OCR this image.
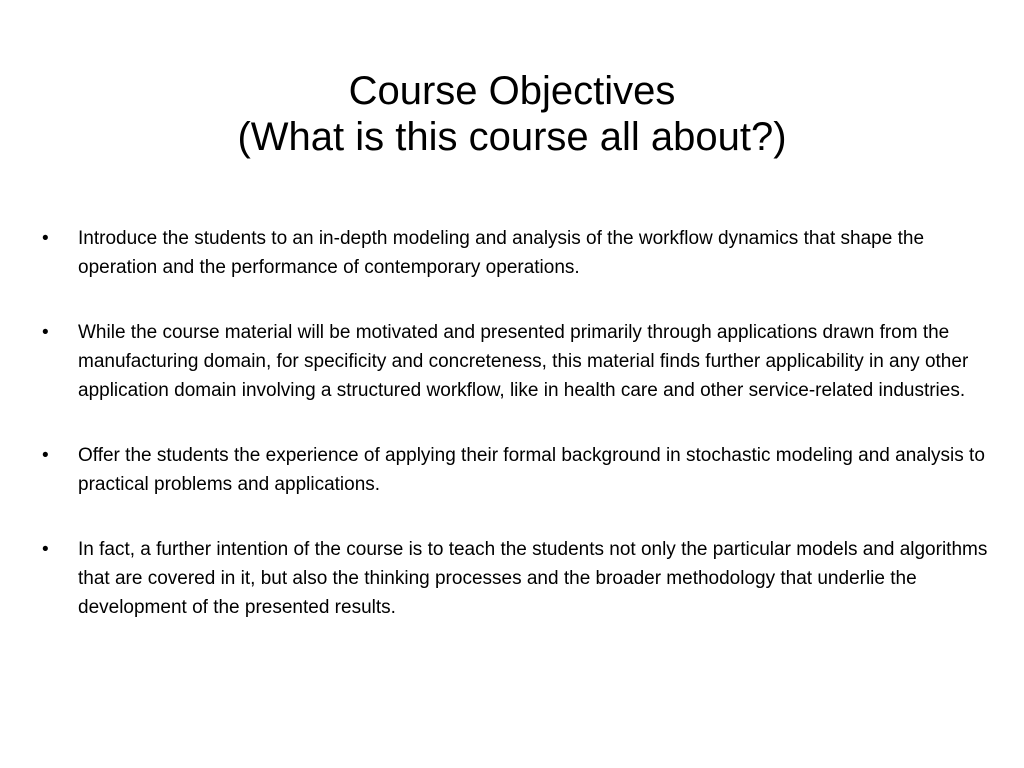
Course Objectives
(What is this course all about?)
•	Introduce the students to an in-depth modeling and analysis of the workflow dynamics that shape the operation and the performance of contemporary operations.
•	While the course material will be motivated and presented primarily through applications drawn from the manufacturing domain, for specificity and concreteness, this material finds further applicability in any other application domain involving a structured workflow, like in health care and other service-related industries.
•	Offer the students the experience of applying their formal background in stochastic modeling and analysis to practical problems and applications.
•	In fact, a further intention of the course is to teach the students not only the particular models and algorithms that are covered in it, but also the thinking processes and the broader methodology that underlie the development of the presented results.
